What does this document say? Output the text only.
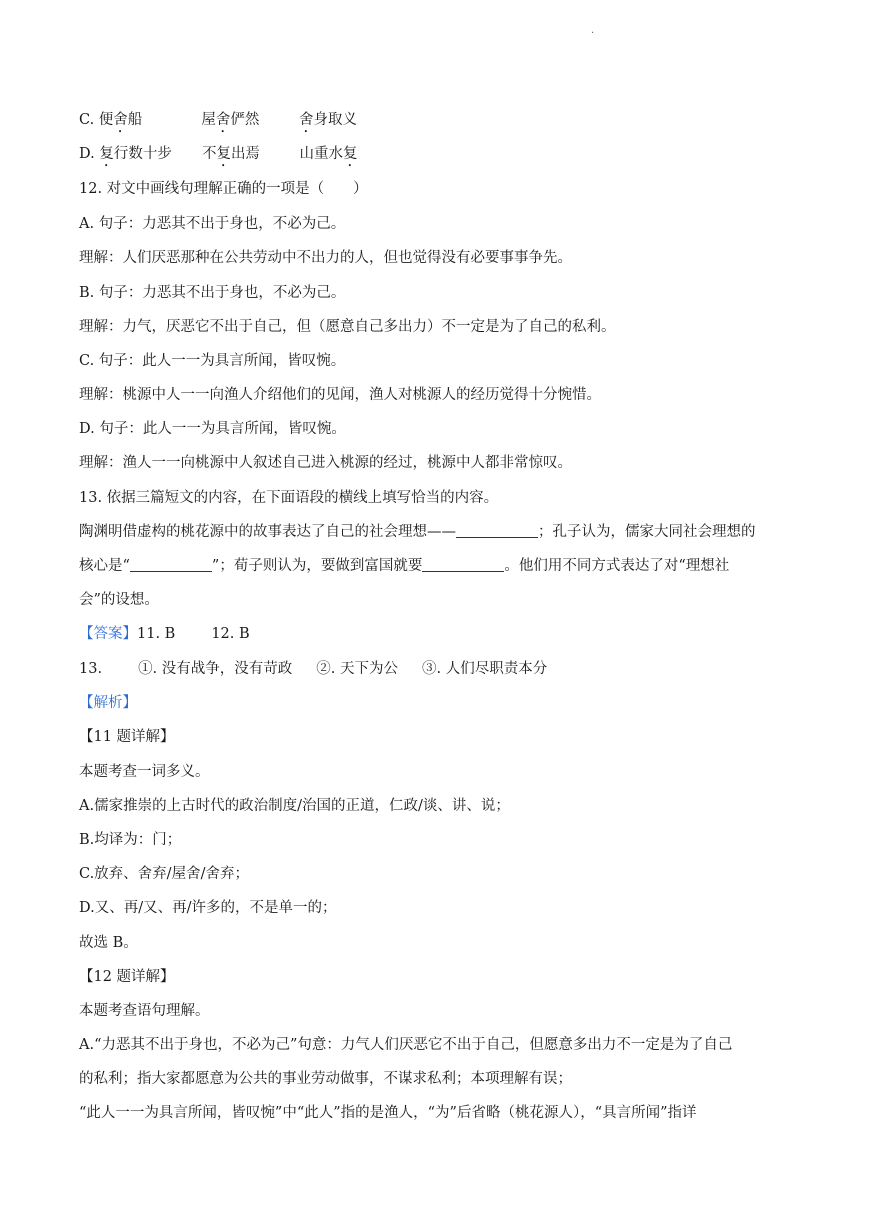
·
C. 便舍船	屋舍俨然	舍身取义
D. 复行数十步 不复出焉	山重水复
12. 对文中画线句理解正确的一项是（　　）
A. 句子：力恶其不出于身也，不必为己。
理解：人们厌恶那种在公共劳动中不出力的人，但也觉得没有必要事事争先。
B. 句子：力恶其不出于身也，不必为己。
理解：力气，厌恶它不出于自己，但（愿意自己多出力）不一定是为了自己的私利。
C. 句子：此人一一为具言所闻，皆叹惋。
理解：桃源中人一一向渔人介绍他们的见闻，渔人对桃源人的经历觉得十分惋惜。
D. 句子：此人一一为具言所闻，皆叹惋。
理解：渔人一一向桃源中人叙述自己进入桃源的经过，桃源中人都非常惊叹。
13. 依据三篇短文的内容，在下面语段的横线上填写恰当的内容。
陶渊明借虚构的桃花源中的故事表达了自己的社会理想——	；孔子认为，儒家大同社会理想的
核心是“	”；荀子则认为，要做到富国就要	。他们用不同方式表达了对“理想社
会”的设想。
【答案】11. B 12. B
13. ①. 没有战争，没有苛政 ②. 天下为公 ③. 人们尽职责本分
【解析】
【11 题详解】
本题考查一词多义。
A.儒家推崇的上古时代的政治制度/治国的正道，仁政/谈、讲、说；
B.均译为：门；
C.放弃、舍弃/屋舍/舍弃；
D.又、再/又、再/许多的，不是单一的；
故选 B。
【12 题详解】
本题考查语句理解。
A.“力恶其不出于身也，不必为己”句意：力气人们厌恶它不出于自己，但愿意多出力不一定是为了自己
的私利；指大家都愿意为公共的事业劳动做事，不谋求私利；本项理解有误；
“此人一一为具言所闻，皆叹惋”中“此人”指的是渔人，“为”后省略（桃花源人），“具言所闻”指详
